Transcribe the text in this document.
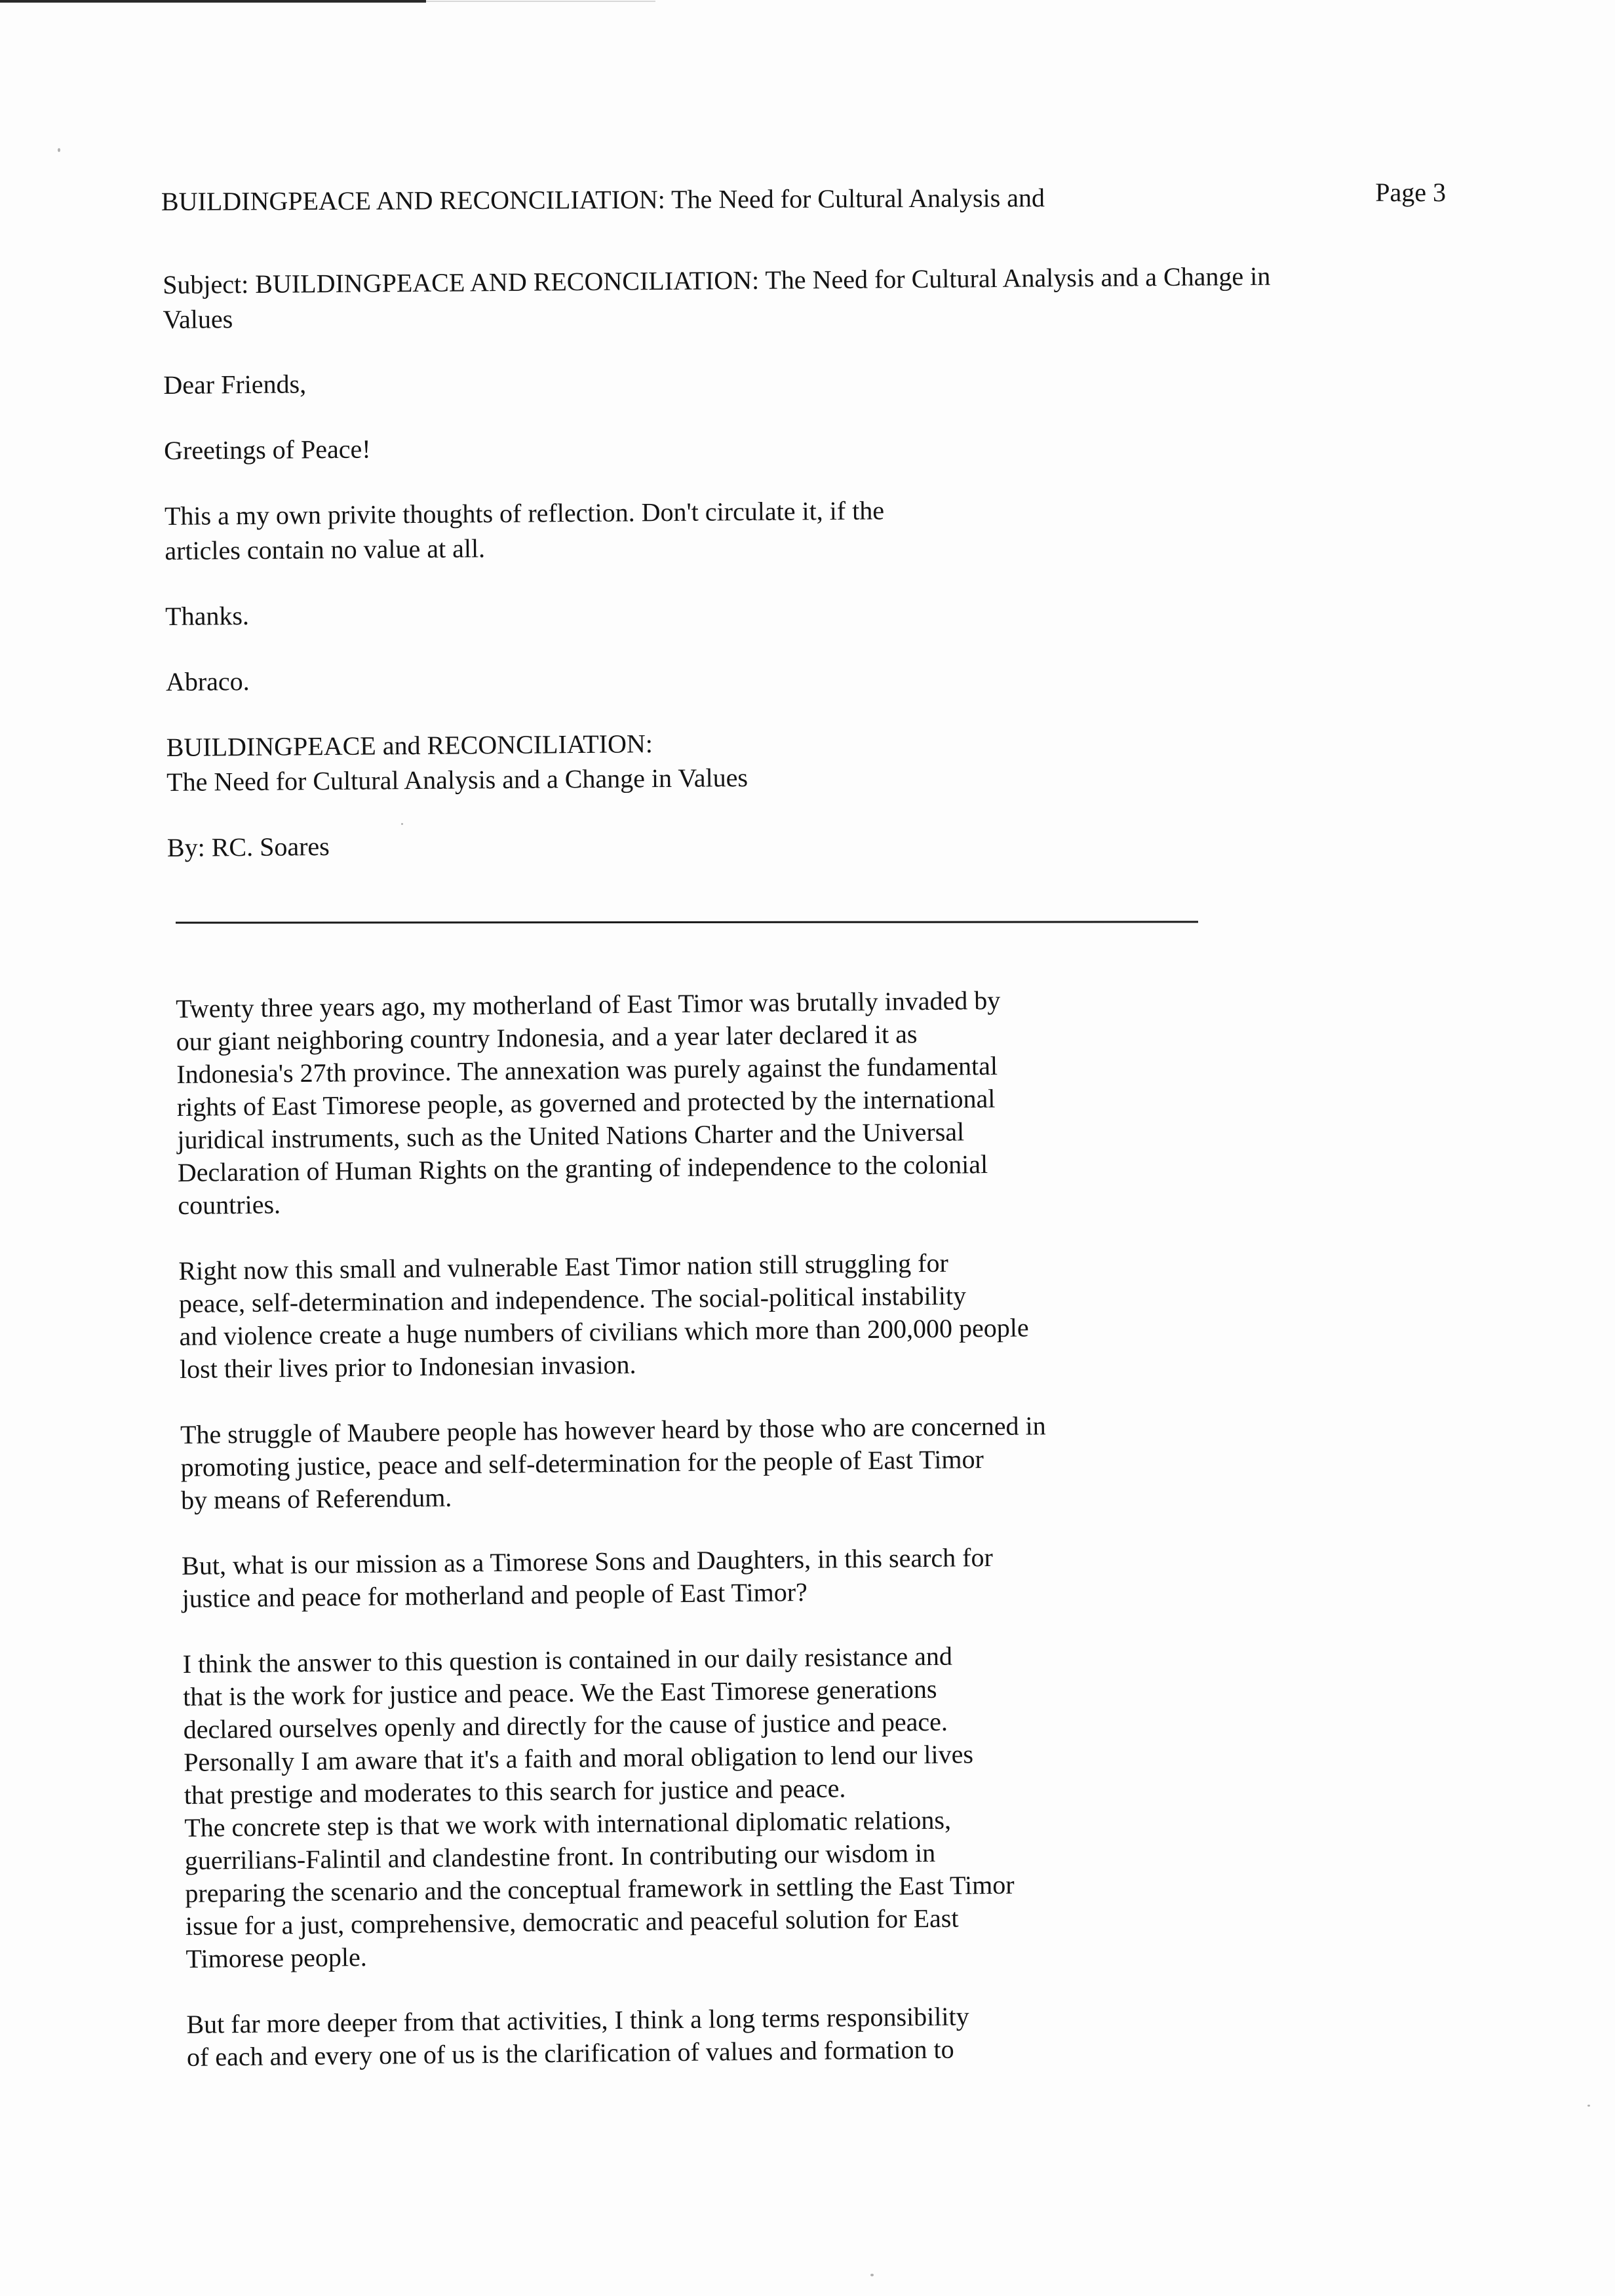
BUILDINGPEACE AND RECONCILIATION: The Need for Cultural Analysis and	Page 3

Subject: BUILDINGPEACE AND RECONCILIATION: The Need for Cultural Analysis and a Change in
Values

Dear Friends,

Greetings of Peace!

This a my own privite thoughts of reflection. Don't circulate it, if the
articles contain no value at all.

Thanks.

Abraco.

BUILDINGPEACE and RECONCILIATION:
The Need for Cultural Analysis and a Change in Values

By: RC. Soares

Twenty three years ago, my motherland of East Timor was brutally invaded by
our giant neighboring country Indonesia, and a year later declared it as
Indonesia's 27th province. The annexation was purely against the fundamental
rights of East Timorese people, as governed and protected by the international
juridical instruments, such as the United Nations Charter and the Universal
Declaration of Human Rights on the granting of independence to the colonial
countries.

Right now this small and vulnerable East Timor nation still struggling for
peace, self-determination and independence. The social-political instability
and violence create a huge numbers of civilians which more than 200,000 people
lost their lives prior to Indonesian invasion.

The struggle of Maubere people has however heard by those who are concerned in
promoting justice, peace and self-determination for the people of East Timor
by means of Referendum.

But, what is our mission as a Timorese Sons and Daughters, in this search for
justice and peace for motherland and people of East Timor?

I think the answer to this question is contained in our daily resistance and
that is the work for justice and peace. We the East Timorese generations
declared ourselves openly and directly for the cause of justice and peace.
Personally I am aware that it's a faith and moral obligation to lend our lives
that prestige and moderates to this search for justice and peace.
The concrete step is that we work with international diplomatic relations,
guerrilians-Falintil and clandestine front. In contributing our wisdom in
preparing the scenario and the conceptual framework in settling the East Timor
issue for a just, comprehensive, democratic and peaceful solution for East
Timorese people.

But far more deeper from that activities, I think a long terms responsibility
of each and every one of us is the clarification of values and formation to
